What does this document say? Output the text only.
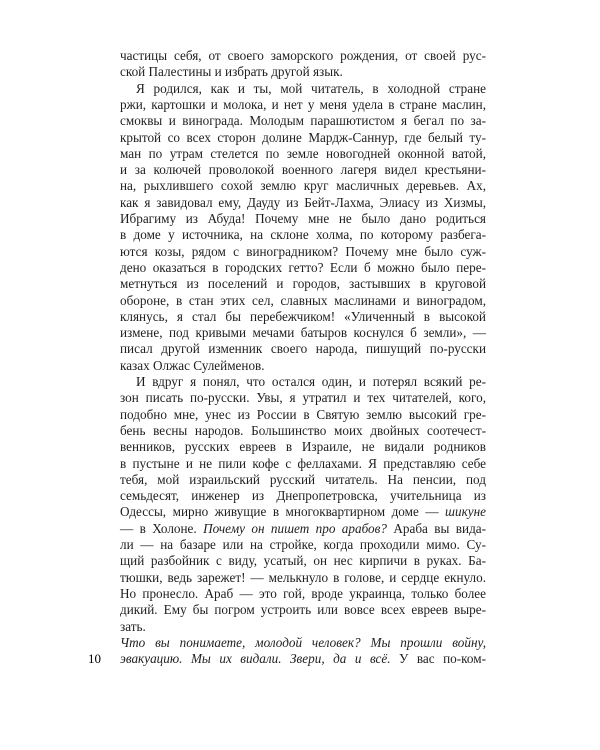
частицы себя, от своего заморского рождения, от своей рус-
ской Палестины и избрать другой язык.
Я родился, как и ты, мой читатель, в холодной стране
ржи, картошки и молока, и нет у меня удела в стране маслин,
смоквы и винограда. Молодым парашютистом я бегал по за-
крытой со всех сторон долине Мардж-Саннур, где белый ту-
ман по утрам стелется по земле новогодней оконной ватой,
и за колючей проволокой военного лагеря видел крестьяни-
на, рыхлившего сохой землю круг масличных деревьев. Ах,
как я завидовал ему, Дауду из Бейт-Лахма, Элиасу из Хизмы,
Ибрагиму из Абуда! Почему мне не было дано родиться
в доме у источника, на склоне холма, по которому разбега-
ются козы, рядом с виноградником? Почему мне было суж-
дено оказаться в городских гетто? Если б можно было пере-
метнуться из поселений и городов, застывших в круговой
обороне, в стан этих сел, славных маслинами и виноградом,
клянусь, я стал бы перебежчиком! «Уличенный в высокой
измене, под кривыми мечами батыров коснулся б земли», —
писал другой изменник своего народа, пишущий по-русски
казах Олжас Сулейменов.
И вдруг я понял, что остался один, и потерял всякий ре-
зон писать по-русски. Увы, я утратил и тех читателей, кого,
подобно мне, унес из России в Святую землю высокий гре-
бень весны народов. Большинство моих двойных соотечест-
венников, русских евреев в Израиле, не видали родников
в пустыне и не пили кофе с феллахами. Я представляю себе
тебя, мой израильский русский читатель. На пенсии, под
семьдесят, инженер из Днепропетровска, учительница из
Одессы, мирно живущие в многоквартирном доме — шикуне
— в Холоне. Почему он пишет про арабов? Араба вы вида-
ли — на базаре или на стройке, когда проходили мимо. Су-
щий разбойник с виду, усатый, он нес кирпичи в руках. Ба-
тюшки, ведь зарежет! — мелькнуло в голове, и сердце екнуло.
Но пронесло. Араб — это гой, вроде украинца, только более
дикий. Ему бы погром устроить или вовсе всех евреев выре-
зать.
Что вы понимаете, молодой человек? Мы прошли войну,
эвакуацию. Мы их видали. Звери, да и всё. У вас по-ком-
10
